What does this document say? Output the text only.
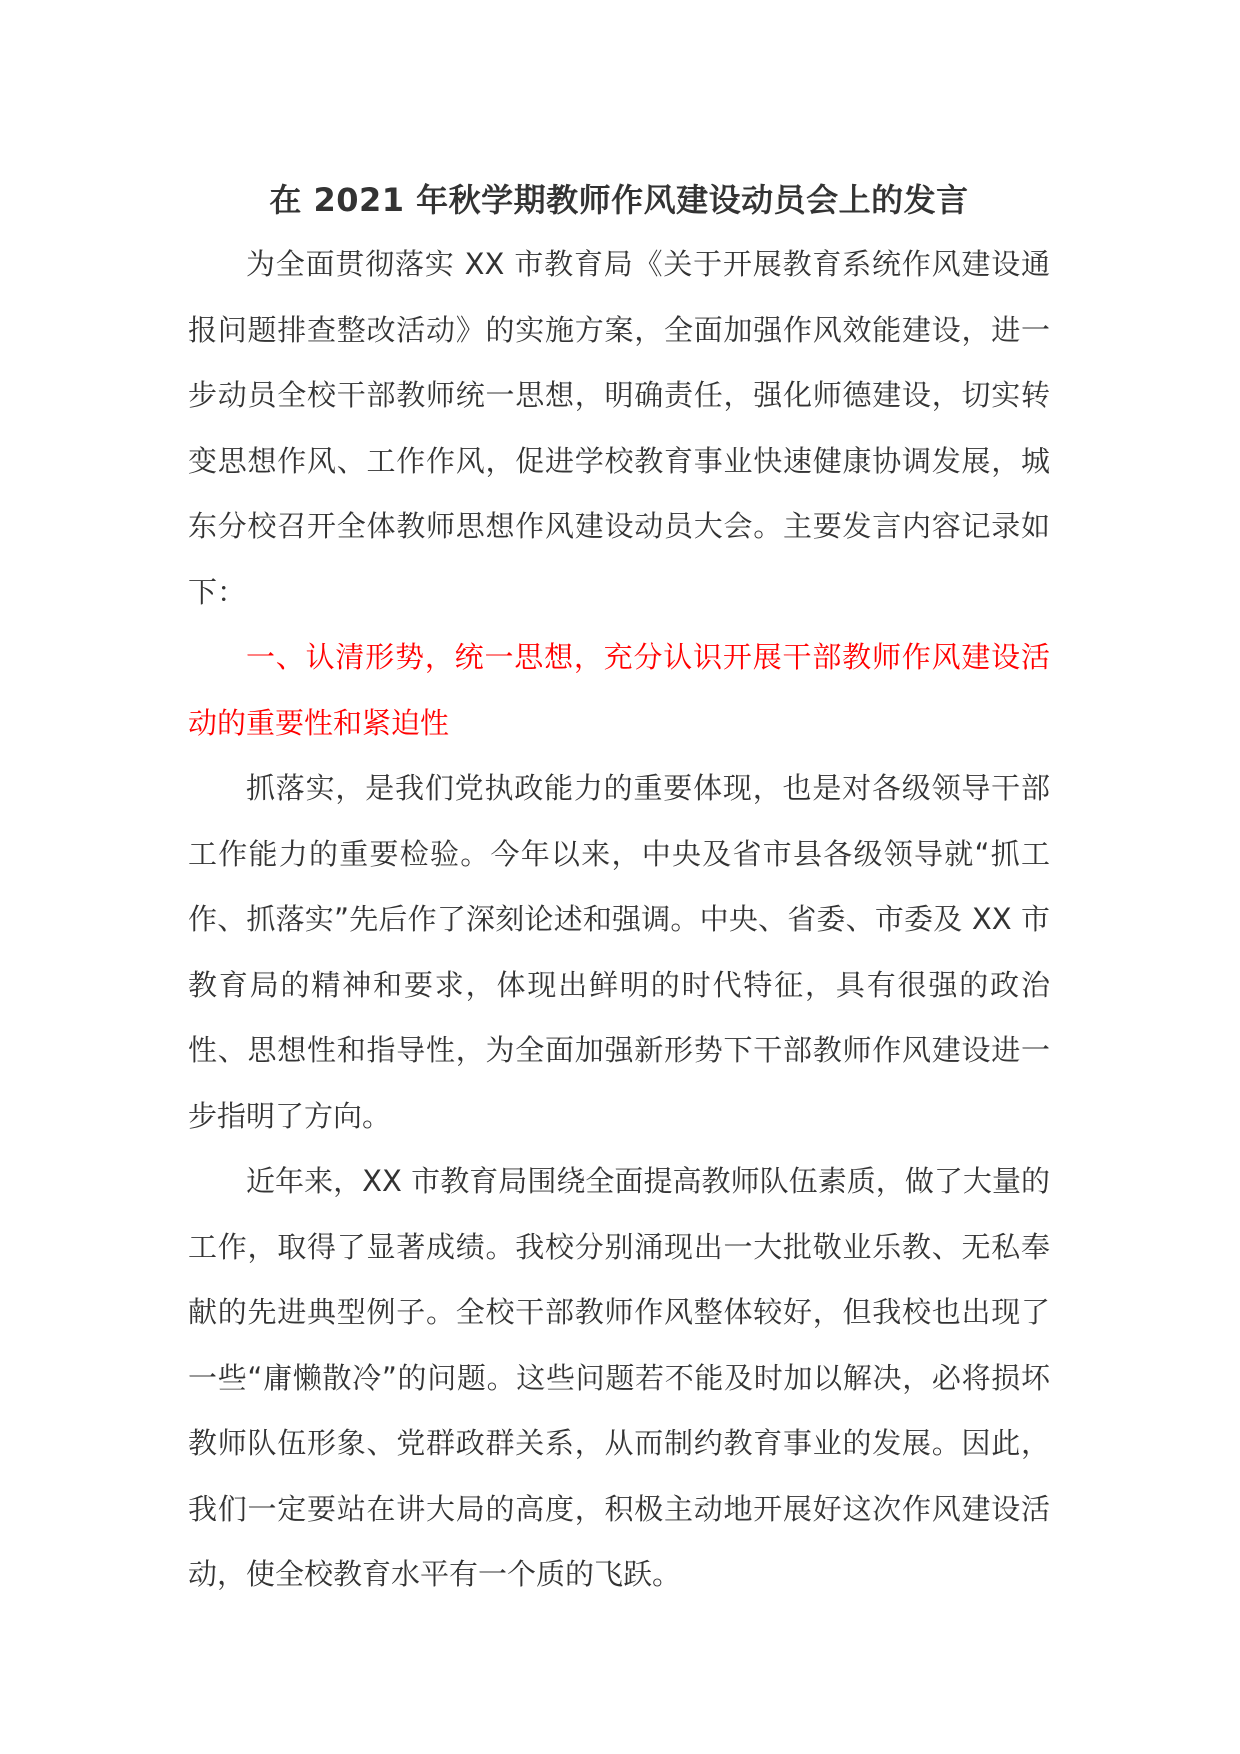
在 2021 年秋学期教师作风建设动员会上的发言

为全面贯彻落实 XX 市教育局《关于开展教育系统作风建设通报问题排查整改活动》的实施方案，全面加强作风效能建设，进一步动员全校干部教师统一思想，明确责任，强化师德建设，切实转变思想作风、工作作风，促进学校教育事业快速健康协调发展，城东分校召开全体教师思想作风建设动员大会。主要发言内容记录如下：

一、认清形势，统一思想，充分认识开展干部教师作风建设活动的重要性和紧迫性

抓落实，是我们党执政能力的重要体现，也是对各级领导干部工作能力的重要检验。今年以来，中央及省市县各级领导就“抓工作、抓落实”先后作了深刻论述和强调。中央、省委、市委及 XX 市教育局的精神和要求，体现出鲜明的时代特征，具有很强的政治性、思想性和指导性，为全面加强新形势下干部教师作风建设进一步指明了方向。

近年来，XX 市教育局围绕全面提高教师队伍素质，做了大量的工作，取得了显著成绩。我校分别涌现出一大批敬业乐教、无私奉献的先进典型例子。全校干部教师作风整体较好，但我校也出现了一些“庸懒散冷”的问题。这些问题若不能及时加以解决，必将损坏教师队伍形象、党群政群关系，从而制约教育事业的发展。因此，我们一定要站在讲大局的高度，积极主动地开展好这次作风建设活动，使全校教育水平有一个质的飞跃。
